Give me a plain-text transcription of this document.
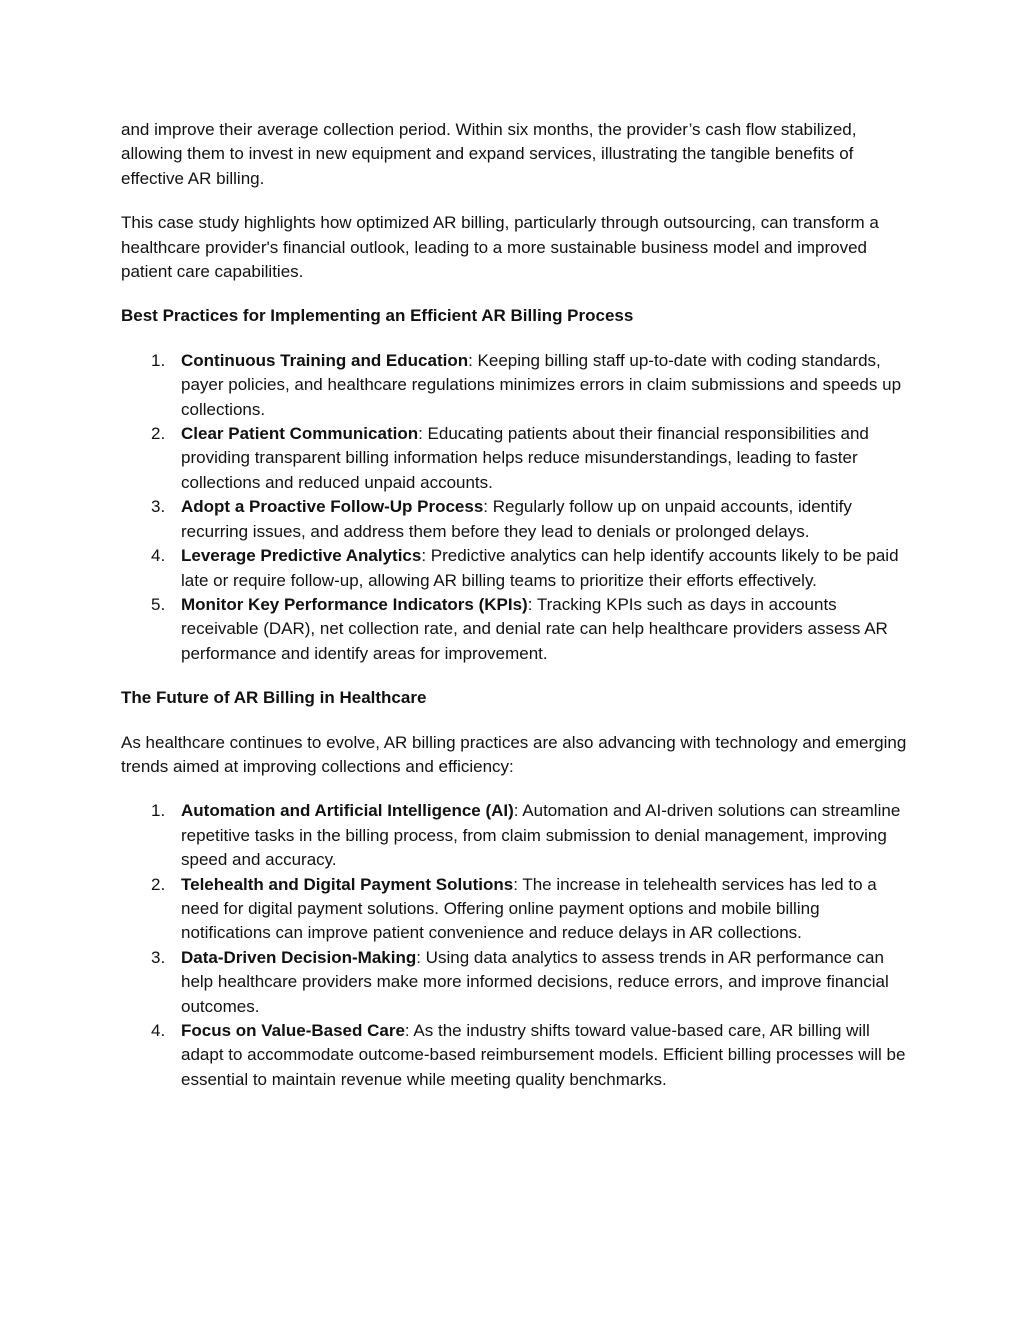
and improve their average collection period. Within six months, the provider’s cash flow stabilized, allowing them to invest in new equipment and expand services, illustrating the tangible benefits of effective AR billing.

This case study highlights how optimized AR billing, particularly through outsourcing, can transform a healthcare provider's financial outlook, leading to a more sustainable business model and improved patient care capabilities.

Best Practices for Implementing an Efficient AR Billing Process
1. Continuous Training and Education: Keeping billing staff up-to-date with coding standards, payer policies, and healthcare regulations minimizes errors in claim submissions and speeds up collections.
2. Clear Patient Communication: Educating patients about their financial responsibilities and providing transparent billing information helps reduce misunderstandings, leading to faster collections and reduced unpaid accounts.
3. Adopt a Proactive Follow-Up Process: Regularly follow up on unpaid accounts, identify recurring issues, and address them before they lead to denials or prolonged delays.
4. Leverage Predictive Analytics: Predictive analytics can help identify accounts likely to be paid late or require follow-up, allowing AR billing teams to prioritize their efforts effectively.
5. Monitor Key Performance Indicators (KPIs): Tracking KPIs such as days in accounts receivable (DAR), net collection rate, and denial rate can help healthcare providers assess AR performance and identify areas for improvement.
The Future of AR Billing in Healthcare

As healthcare continues to evolve, AR billing practices are also advancing with technology and emerging trends aimed at improving collections and efficiency:

1. Automation and Artificial Intelligence (AI): Automation and AI-driven solutions can streamline repetitive tasks in the billing process, from claim submission to denial management, improving speed and accuracy.
2. Telehealth and Digital Payment Solutions: The increase in telehealth services has led to a need for digital payment solutions. Offering online payment options and mobile billing notifications can improve patient convenience and reduce delays in AR collections.
3. Data-Driven Decision-Making: Using data analytics to assess trends in AR performance can help healthcare providers make more informed decisions, reduce errors, and improve financial outcomes.
4. Focus on Value-Based Care: As the industry shifts toward value-based care, AR billing will adapt to accommodate outcome-based reimbursement models. Efficient billing processes will be essential to maintain revenue while meeting quality benchmarks.
